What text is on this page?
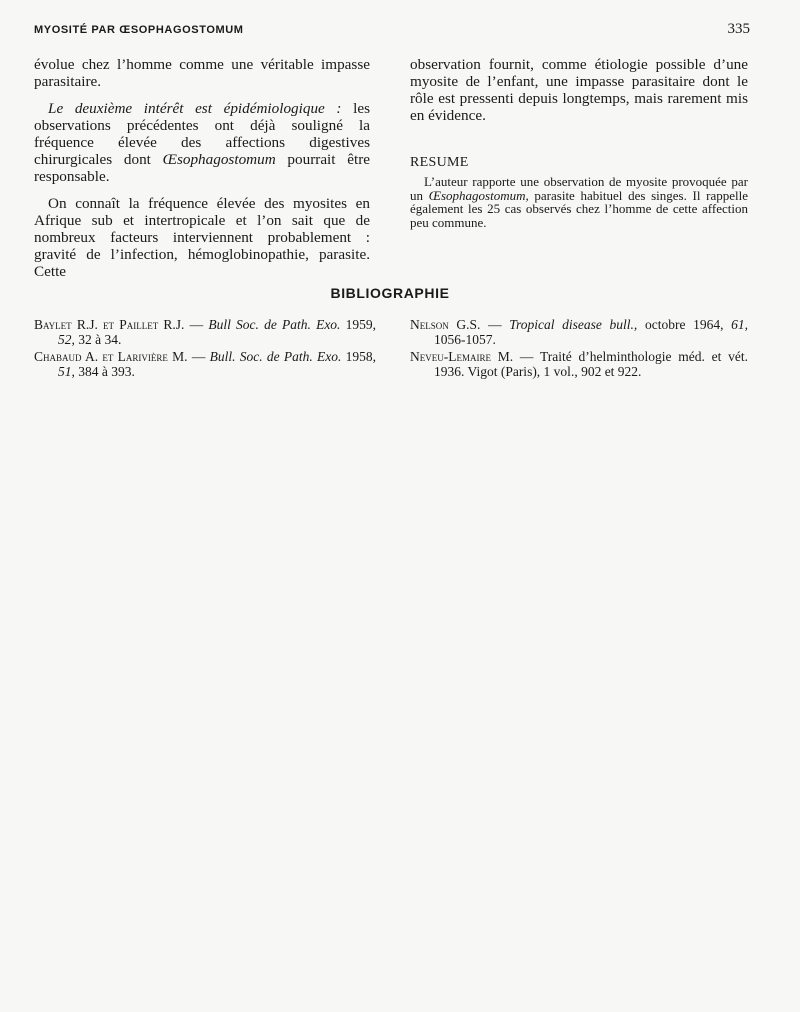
MYOSITÉ PAR ŒSOPHAGOSTOMUM	335

évolue chez l’homme comme une véritable impasse parasitaire.

Le deuxième intérêt est épidémiologique : les observations précédentes ont déjà souligné la fréquence élevée des affections digestives chirurgicales dont Œsophagostomum pourrait être responsable.

On connaît la fréquence élevée des myosites en Afrique sub et intertropicale et l’on sait que de nombreux facteurs interviennent probablement : gravité de l’infection, hémoglobinopathie, parasite. Cette

observation fournit, comme étiologie possible d’une myosite de l’enfant, une impasse parasitaire dont le rôle est pressenti depuis longtemps, mais rarement mis en évidence.

RESUME

L’auteur rapporte une observation de myosite provoquée par un Œsophagostomum, parasite habituel des singes. Il rappelle également les 25 cas observés chez l’homme de cette affection peu commune.

BIBLIOGRAPHIE
Baylet R.J. et Paillet R.J. — Bull Soc. de Path. Exo. 1959, 52, 32 à 34.
Chabaud A. et Larivière M. — Bull. Soc. de Path. Exo. 1958, 51, 384 à 393.
Nelson G.S. — Tropical disease bull., octobre 1964, 61, 1056-1057.
Neveu-Lemaire M. — Traité d’helminthologie méd. et vét. 1936. Vigot (Paris), 1 vol., 902 et 922.
